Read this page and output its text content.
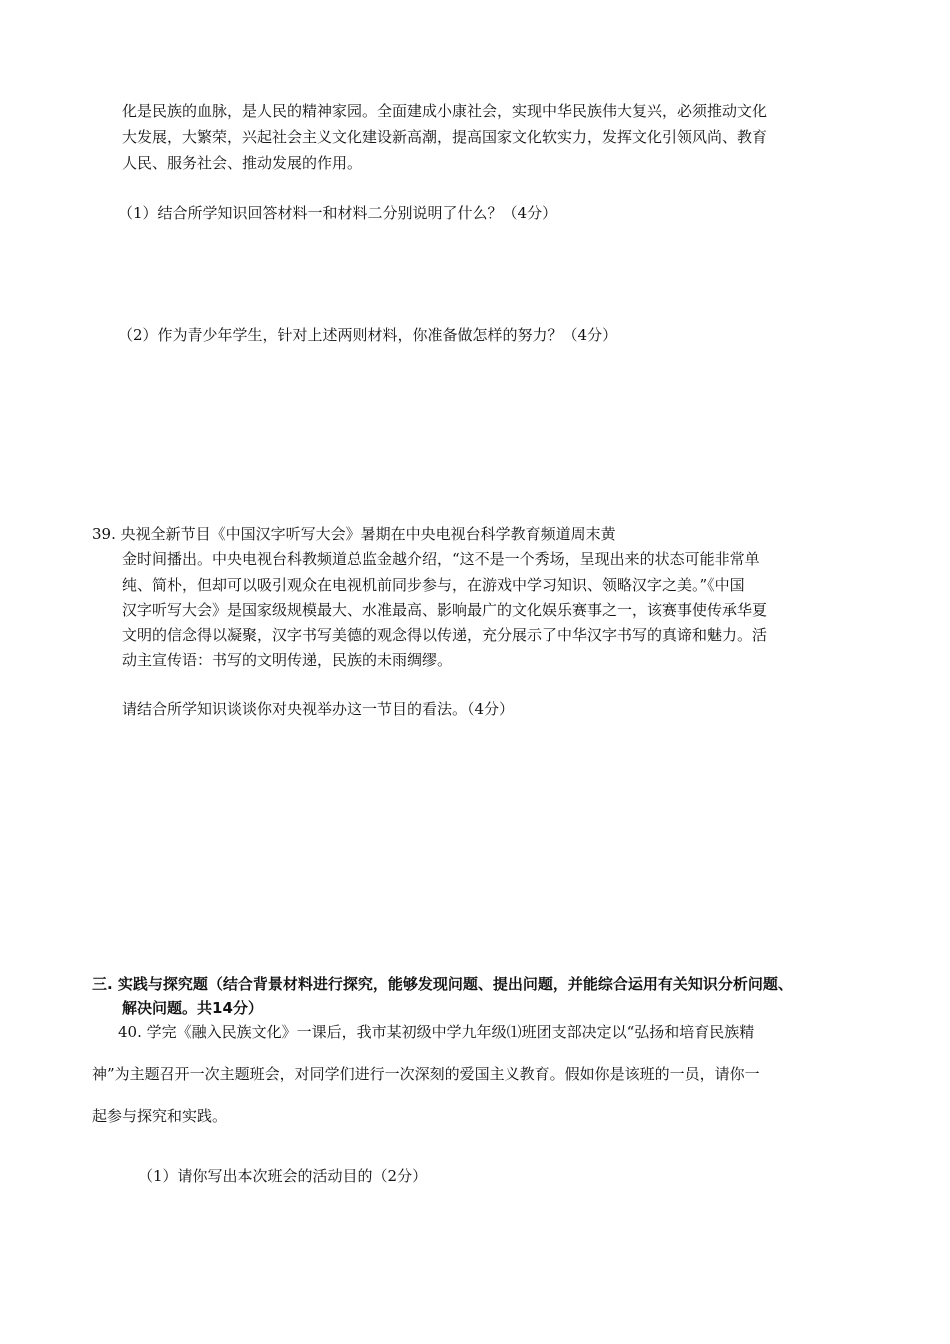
化是民族的血脉，是人民的精神家园。全面建成小康社会，实现中华民族伟大复兴，必须推动文化
大发展，大繁荣，兴起社会主义文化建设新高潮，提高国家文化软实力，发挥文化引领风尚、教育
人民、服务社会、推动发展的作用。
（1）结合所学知识回答材料一和材料二分别说明了什么？（4分）
（2）作为青少年学生，针对上述两则材料，你准备做怎样的努力？（4分）
39. 央视全新节目《中国汉字听写大会》暑期在中央电视台科学教育频道周末黄
金时间播出。中央电视台科教频道总监金越介绍，“这不是一个秀场，呈现出来的状态可能非常单
纯、简朴，但却可以吸引观众在电视机前同步参与，在游戏中学习知识、领略汉字之美。”《中国
汉字听写大会》是国家级规模最大、水准最高、影响最广的文化娱乐赛事之一，该赛事使传承华夏
文明的信念得以凝聚，汉字书写美德的观念得以传递，充分展示了中华汉字书写的真谛和魅力。活
动主宣传语：书写的文明传递，民族的未雨绸缪。
请结合所学知识谈谈你对央视举办这一节目的看法。（4分）
三. 实践与探究题（结合背景材料进行探究，能够发现问题、提出问题，并能综合运用有关知识分析问题、
解决问题。共14分）
40. 学完《融入民族文化》一课后，我市某初级中学九年级⑴班团支部决定以“弘扬和培育民族精
神”为主题召开一次主题班会，对同学们进行一次深刻的爱国主义教育。假如你是该班的一员，请你一
起参与探究和实践。
（1）请你写出本次班会的活动目的（2分）
